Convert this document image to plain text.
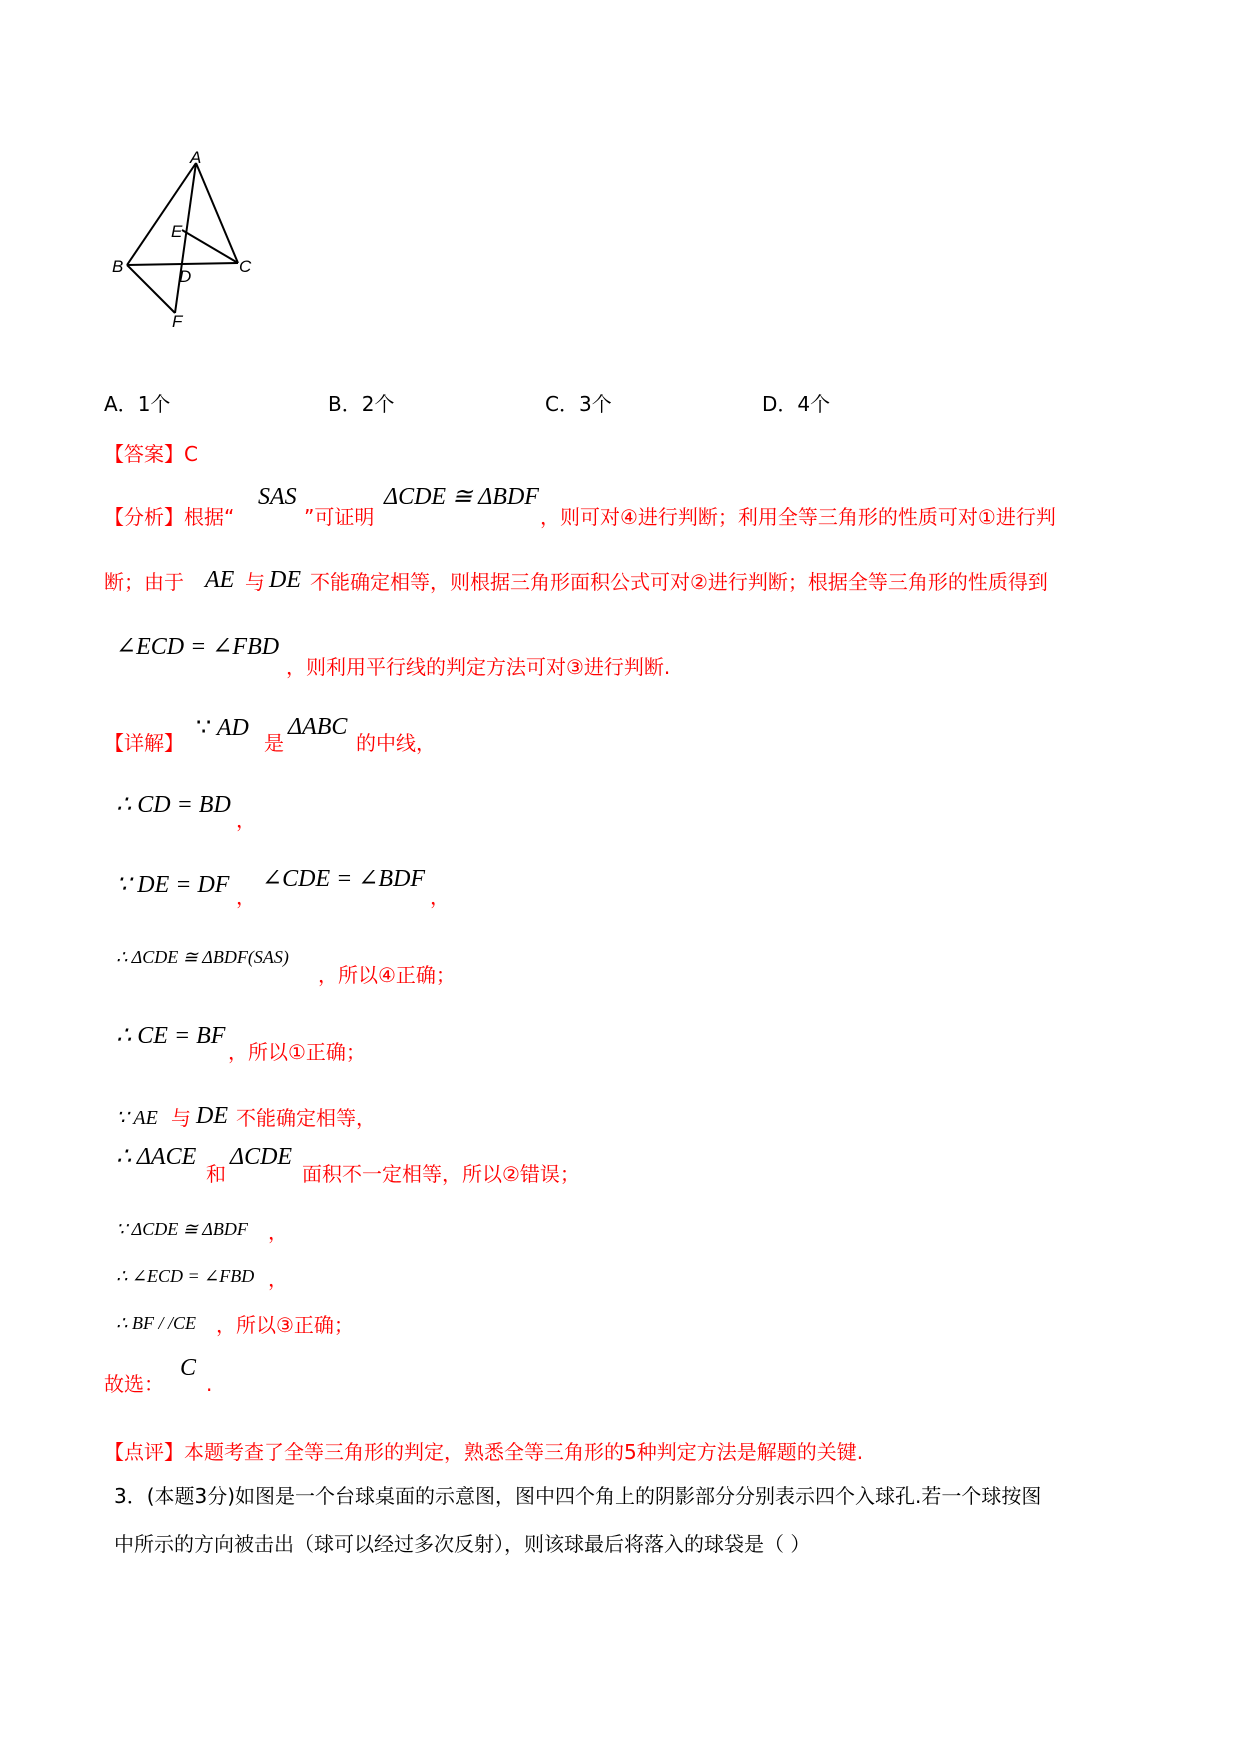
A
E
B	C
D
F
A．1个	B．2个	C．3个	D．4个
【答案】C
【分析】根据“
SAS
”可证明
ΔCDE ≅ ΔBDF
，则可对④进行判断；利用全等三角形的性质可对①进行判
断；由于 AE 与 DE 不能确定相等，则根据三角形面积公式可对②进行判断；根据全等三角形的性质得到
∠ECD = ∠FBD
，则利用平行线的判定方法可对③进行判断.
【详解】
∵ AD
是
ΔABC
的中线，
∴ CD = BD
，
∵ DE = DF ，
∠CDE = ∠BDF
，
∴ ΔCDE ≅ ΔBDF(SAS)
，所以④正确；
∴ CE = BF
，所以①正确；
∵ AE 与 DE 不能确定相等，
∴ ΔACE
和
ΔCDE
面积不一定相等，所以②错误；
∵ ΔCDE ≅ ΔBDF ，
∴ ∠ECD = ∠FBD ，
∴ BF / /CE ，所以③正确；
故选：
C
.
【点评】本题考查了全等三角形的判定，熟悉全等三角形的5种判定方法是解题的关键.
3．(本题3分)如图是一个台球桌面的示意图，图中四个角上的阴影部分分别表示四个入球孔.若一个球按图
中所示的方向被击出（球可以经过多次反射），则该球最后将落入的球袋是（ ）
